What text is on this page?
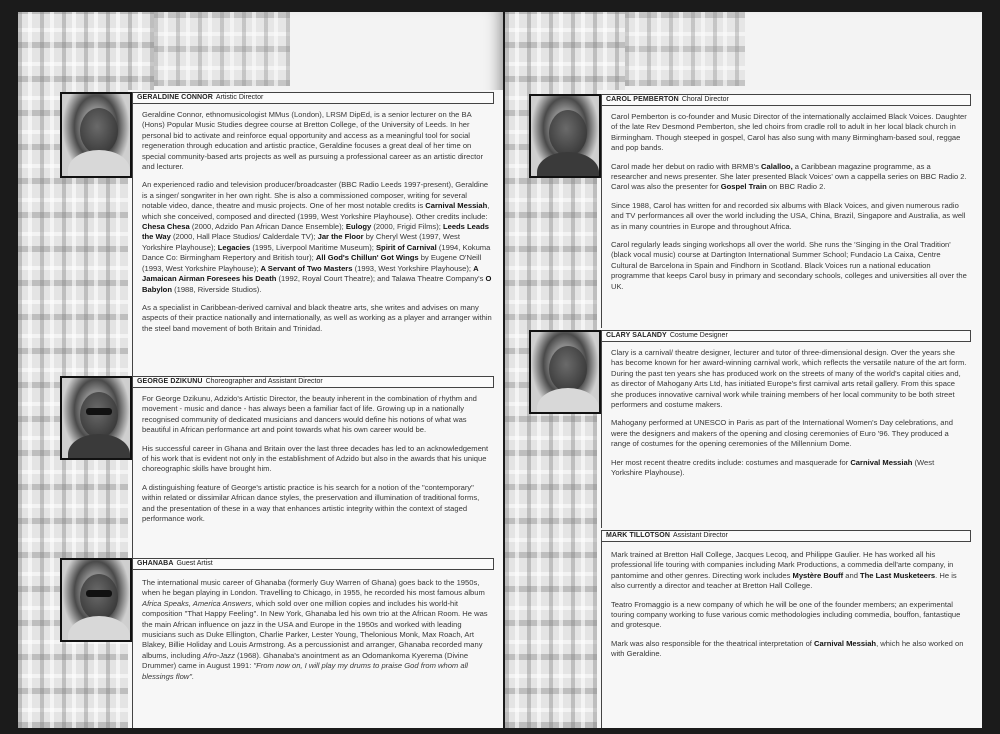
GERALDINE CONNOR Artistic Director

Geraldine Connor, ethnomusicologist MMus (London), LRSM DipEd, is a senior lecturer on the BA (Hons) Popular Music Studies degree course at Bretton College, of the University of Leeds. In her personal bid to activate and reinforce equal opportunity and access as a meaningful tool for social regeneration through education and artistic practice, Geraldine focuses a great deal of her time on special community-based arts projects as well as pursuing a professional career as an artistic director and lecturer.

An experienced radio and television producer/broadcaster (BBC Radio Leeds 1997-present), Geraldine is a singer/ songwriter in her own right. She is also a commissioned composer, writing for several notable video, dance, theatre and music projects. One of her most notable credits is Carnival Messiah, which she conceived, composed and directed (1999, West Yorkshire Playhouse). Other credits include: Chesa Chesa (2000, Adzido Pan African Dance Ensemble); Eulogy (2000, Frigid Films); Leeds Leads the Way (2000, Hall Place Studios/ Calderdale TV); Jar the Floor by Cheryl West (1997, West Yorkshire Playhouse); Legacies (1995, Liverpool Maritime Museum); Spirit of Carnival (1994, Kokuma Dance Co: Birmingham Repertory and British tour); All God's Chillun' Got Wings by Eugene O'Neill (1993, West Yorkshire Playhouse); A Servant of Two Masters (1993, West Yorkshire Playhouse); A Jamaican Airman Foresees his Death (1992, Royal Court Theatre); and Talawa Theatre Company's O Babylon (1988, Riverside Studios).

As a specialist in Caribbean-derived carnival and black theatre arts, she writes and advises on many aspects of their practice nationally and internationally, as well as working as a player and arranger within the steel band movement of both Britain and Trinidad.

GEORGE DZIKUNU Choreographer and Assistant Director

For George Dzikunu, Adzido's Artistic Director, the beauty inherent in the combination of rhythm and movement - music and dance - has always been a familiar fact of life. Growing up in a nationally recognised community of dedicated musicians and dancers would define his notions of what was beautiful in African performance art and point towards what his own career would be.

His successful career in Ghana and Britain over the last three decades has led to an acknowledgement of his work that is evident not only in the establishment of Adzido but also in the awards that his unique choreographic skills have brought him.

A distinguishing feature of George's artistic practice is his search for a notion of the "contemporary" within related or dissimilar African dance styles, the preservation and illumination of traditional forms, and the presentation of these in a way that enhances artistic integrity within the context of staged performance work.

GHANABA Guest Artist

The international music career of Ghanaba (formerly Guy Warren of Ghana) goes back to the 1950s, when he began playing in London. Travelling to Chicago, in 1955, he recorded his most famous album Africa Speaks, America Answers, which sold over one million copies and includes his world-hit composition "That Happy Feeling". In New York, Ghanaba led his own trio at the African Room. He was the main African influence on jazz in the USA and Europe in the 1950s and worked with leading musicians such as Duke Ellington, Charlie Parker, Lester Young, Thelonious Monk, Max Roach, Art Blakey, Billie Holiday and Louis Armstrong. As a percussionist and arranger, Ghanaba recorded many albums, including Afro-Jazz (1968). Ghanaba's anointment as an Odomankoma Kyerema (Divine Drummer) came in August 1991: "From now on, I will play my drums to praise God from whom all blessings flow".

CAROL PEMBERTON Choral Director

Carol Pemberton is co-founder and Music Director of the internationally acclaimed Black Voices. Daughter of the late Rev Desmond Pemberton, she led choirs from cradle roll to adult in her local black church in Birmingham. Though steeped in gospel, Carol has also sung with many Birmingham-based soul, reggae and pop bands.

Carol made her debut on radio with BRMB's Calalloo, a Caribbean magazine programme, as a researcher and news presenter. She later presented Black Voices' own a cappella series on BBC Radio 2. Carol was also the presenter for Gospel Train on BBC Radio 2.

Since 1988, Carol has written for and recorded six albums with Black Voices, and given numerous radio and TV performances all over the world including the USA, China, Brazil, Singapore and Australia, as well as in many countries in Europe and throughout Africa.

Carol regularly leads singing workshops all over the world. She runs the 'Singing in the Oral Tradition' (black vocal music) course at Dartington International Summer School; Fundacio La Caixa, Centre Cultural de Barcelona in Spain and Findhorn in Scotland. Black Voices run a national education programme that keeps Carol busy in primary and secondary schools, colleges and universities all over the UK.

CLARY SALANDY Costume Designer

Clary is a carnival/ theatre designer, lecturer and tutor of three-dimensional design. Over the years she has become known for her award-winning carnival work, which reflects the versatile nature of the art form. During the past ten years she has produced work on the streets of many of the world's capital cities and, as director of Mahogany Arts Ltd, has initiated Europe's first carnival arts retail gallery. From this space she produces innovative carnival work while training members of her local community to be both street performers and costume makers.

Mahogany performed at UNESCO in Paris as part of the International Women's Day celebrations, and were the designers and makers of the opening and closing ceremonies of Euro '96. They produced a range of costumes for the opening ceremonies of the Millennium Dome.

Her most recent theatre credits include: costumes and masquerade for Carnival Messiah (West Yorkshire Playhouse).

MARK TILLOTSON Assistant Director

Mark trained at Bretton Hall College, Jacques Lecoq, and Philippe Gaulier. He has worked all his professional life touring with companies including Mark Productions, a commedia dell'arte company, in pantomime and other genres. Directing work includes Mystère Bouff and The Last Musketeers. He is also currently a director and teacher at Bretton Hall College.

Teatro Fromaggio is a new company of which he will be one of the founder members; an experimental touring company working to fuse various comic methodologies including commedia, bouffon, fantastique and grotesque.

Mark was also responsible for the theatrical interpretation of Carnival Messiah, which he also worked on with Geraldine.
